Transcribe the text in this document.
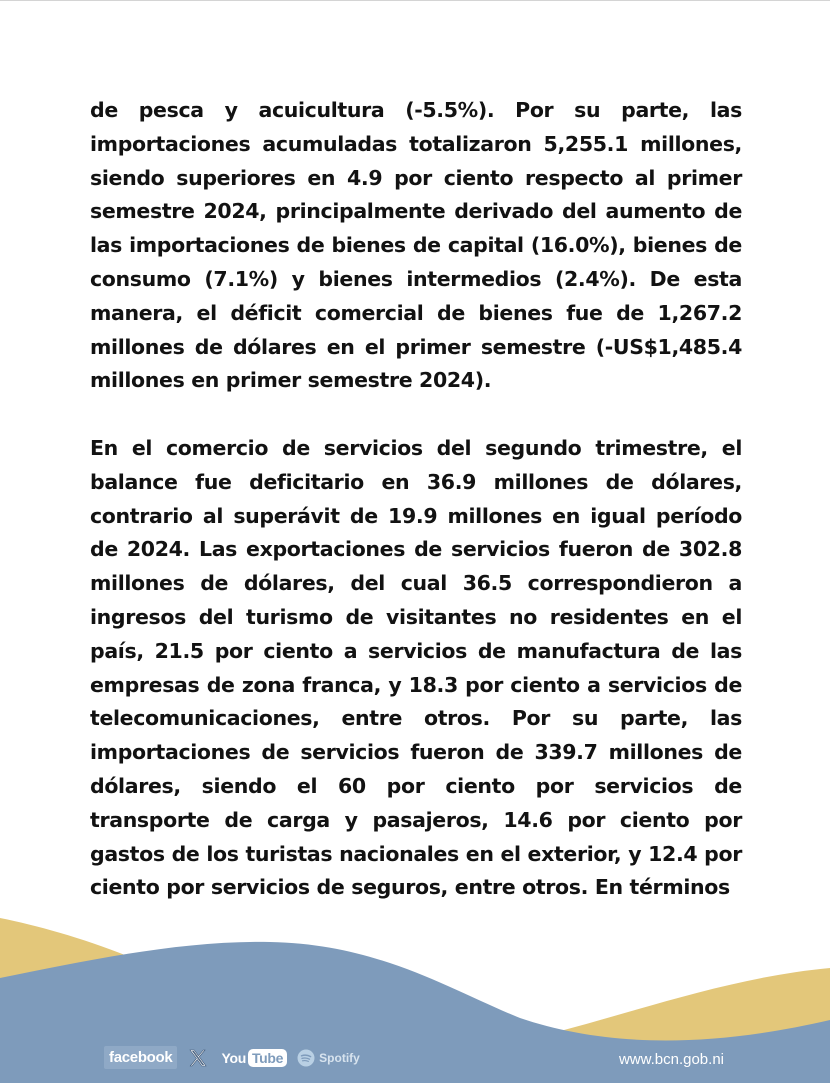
de pesca y acuicultura (-5.5%). Por su parte, las importaciones acumuladas totalizaron 5,255.1 millones, siendo superiores en 4.9 por ciento respecto al primer semestre 2024, principalmente derivado del aumento de las importaciones de bienes de capital (16.0%), bienes de consumo (7.1%) y bienes intermedios (2.4%). De esta manera, el déficit comercial de bienes fue de 1,267.2 millones de dólares en el primer semestre (-US$1,485.4 millones en primer semestre 2024).

En el comercio de servicios del segundo trimestre, el balance fue deficitario en 36.9 millones de dólares, contrario al superávit de 19.9 millones en igual período de 2024. Las exportaciones de servicios fueron de 302.8 millones de dólares, del cual 36.5 correspondieron a ingresos del turismo de visitantes no residentes en el país, 21.5 por ciento a servicios de manufactura de las empresas de zona franca, y 18.3 por ciento a servicios de telecomunicaciones, entre otros. Por su parte, las importaciones de servicios fueron de 339.7 millones de dólares, siendo el 60 por ciento por servicios de transporte de carga y pasajeros, 14.6 por ciento por gastos de los turistas nacionales en el exterior, y 12.4 por ciento por servicios de seguros, entre otros. En términos

facebook	You Tube	Spotify	www.bcn.gob.ni
